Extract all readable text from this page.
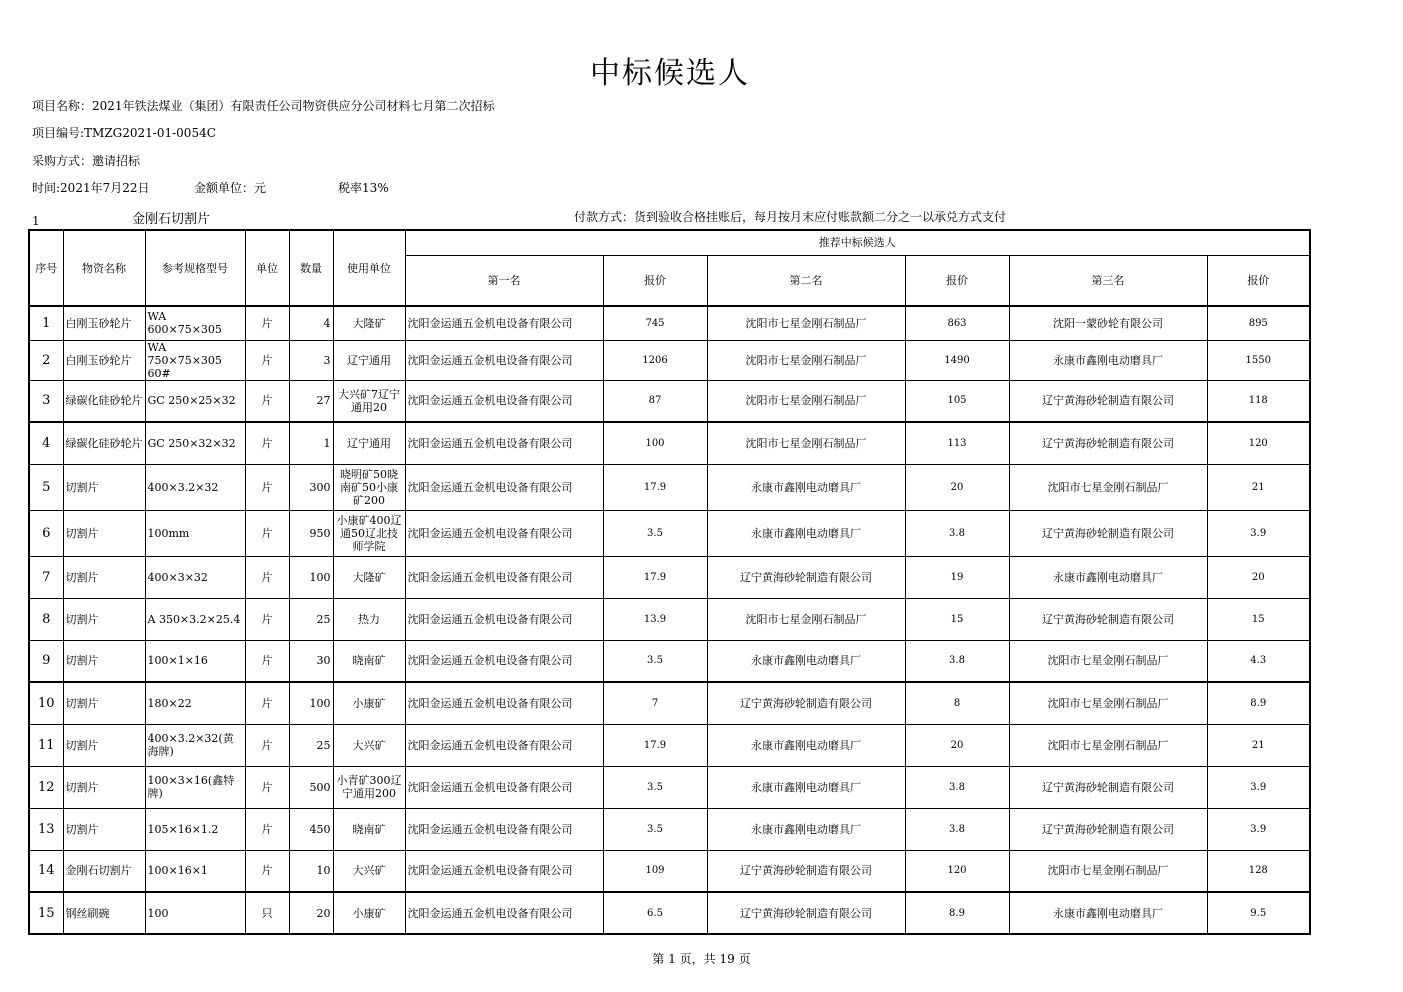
中标候选人
项目名称：2021年铁法煤业（集团）有限责任公司物资供应分公司材料七月第二次招标
项目编号:TMZG2021-01-0054C
采购方式：邀请招标
时间:2021年7月22日	金额单位：元	税率13%
1	金刚石切割片	付款方式：货到验收合格挂账后，每月按月末应付账款额二分之一以承兑方式支付
序号	物资名称	参考规格型号	单位	数量	使用单位	推荐中标候选人					
						第一名	报价	第二名	报价	第三名	报价
1	白刚玉砂轮片	WA 600×75×305	片	4	大隆矿	沈阳金运通五金机电设备有限公司	745	沈阳市七星金刚石制品厂	863	沈阳一蒙砂轮有限公司	895
2	白刚玉砂轮片	WA 750×75×305 60#	片	3	辽宁通用	沈阳金运通五金机电设备有限公司	1206	沈阳市七星金刚石制品厂	1490	永康市鑫刚电动磨具厂	1550
3	绿碳化硅砂轮片	GC 250×25×32	片	27	大兴矿7辽宁通用20	沈阳金运通五金机电设备有限公司	87	沈阳市七星金刚石制品厂	105	辽宁黄海砂轮制造有限公司	118
4	绿碳化硅砂轮片	GC 250×32×32	片	1	辽宁通用	沈阳金运通五金机电设备有限公司	100	沈阳市七星金刚石制品厂	113	辽宁黄海砂轮制造有限公司	120
5	切割片	400×3.2×32	片	300	晓明矿50晓南矿50小康矿200	沈阳金运通五金机电设备有限公司	17.9	永康市鑫刚电动磨具厂	20	沈阳市七星金刚石制品厂	21
6	切割片	100mm	片	950	小康矿400辽通50辽北技师学院	沈阳金运通五金机电设备有限公司	3.5	永康市鑫刚电动磨具厂	3.8	辽宁黄海砂轮制造有限公司	3.9
7	切割片	400×3×32	片	100	大隆矿	沈阳金运通五金机电设备有限公司	17.9	辽宁黄海砂轮制造有限公司	19	永康市鑫刚电动磨具厂	20
8	切割片	A 350×3.2×25.4	片	25	热力	沈阳金运通五金机电设备有限公司	13.9	沈阳市七星金刚石制品厂	15	辽宁黄海砂轮制造有限公司	15
9	切割片	100×1×16	片	30	晓南矿	沈阳金运通五金机电设备有限公司	3.5	永康市鑫刚电动磨具厂	3.8	沈阳市七星金刚石制品厂	4.3
10	切割片	180×22	片	100	小康矿	沈阳金运通五金机电设备有限公司	7	辽宁黄海砂轮制造有限公司	8	沈阳市七星金刚石制品厂	8.9
11	切割片	400×3.2×32(黄海牌)	片	25	大兴矿	沈阳金运通五金机电设备有限公司	17.9	永康市鑫刚电动磨具厂	20	沈阳市七星金刚石制品厂	21
12	切割片	100×3×16(鑫特牌)	片	500	小青矿300辽宁通用200	沈阳金运通五金机电设备有限公司	3.5	永康市鑫刚电动磨具厂	3.8	辽宁黄海砂轮制造有限公司	3.9
13	切割片	105×16×1.2	片	450	晓南矿	沈阳金运通五金机电设备有限公司	3.5	永康市鑫刚电动磨具厂	3.8	辽宁黄海砂轮制造有限公司	3.9
14	金刚石切割片	100×16×1	片	10	大兴矿	沈阳金运通五金机电设备有限公司	109	辽宁黄海砂轮制造有限公司	120	沈阳市七星金刚石制品厂	128
15	钢丝刷碗	100	只	20	小康矿	沈阳金运通五金机电设备有限公司	6.5	辽宁黄海砂轮制造有限公司	8.9	永康市鑫刚电动磨具厂	9.5
第 1 页，共 19 页
